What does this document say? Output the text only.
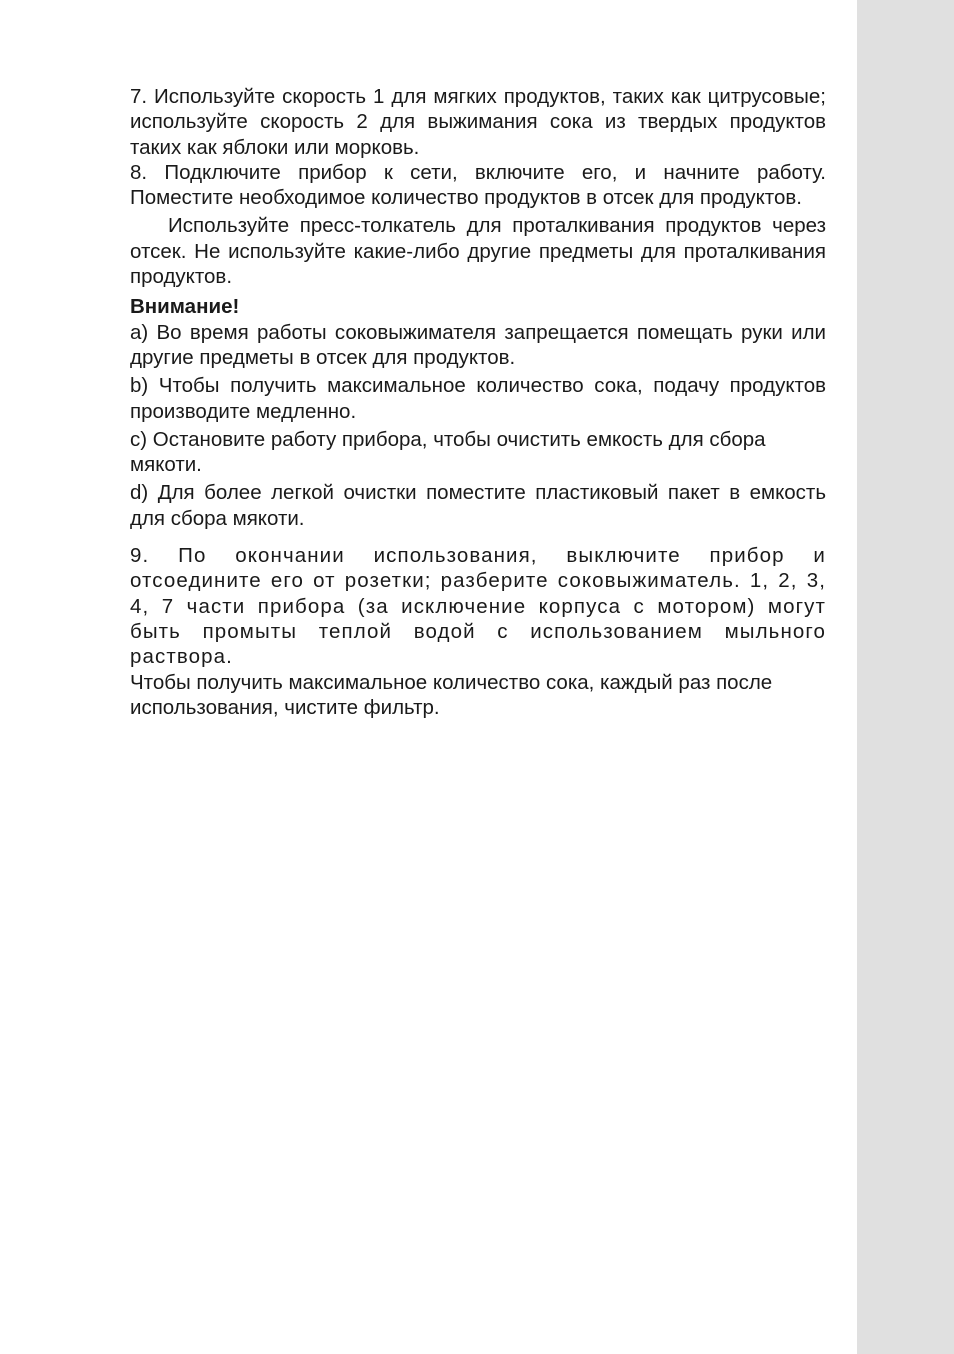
7. Используйте скорость 1 для мягких продуктов, таких как цитрусовые; используйте скорость 2 для выжимания сока из твердых продуктов таких как яблоки или морковь.

8. Подключите прибор к сети, включите его, и начните работу. Поместите необходимое количество продуктов в отсек для продуктов.

Используйте пресс-толкатель для проталкивания продуктов через отсек. Не используйте какие-либо другие предметы для проталкивания продуктов.

Внимание!

a) Во время работы соковыжимателя запрещается помещать руки или другие предметы в отсек для продуктов.

b) Чтобы получить максимальное количество сока, подачу продуктов производите медленно.

c) Остановите работу прибора, чтобы очистить емкость для сбора мякоти.

d) Для более легкой очистки поместите пластиковый пакет в емкость для сбора мякоти.

9. По окончании использования, выключите прибор и отсоедините его от розетки; разберите соковыжиматель. 1, 2, 3, 4, 7 части прибора (за исключение корпуса с мотором) могут быть промыты теплой водой с использованием мыльного раствора.

Чтобы получить максимальное количество сока, каждый раз после использования, чистите фильтр.
